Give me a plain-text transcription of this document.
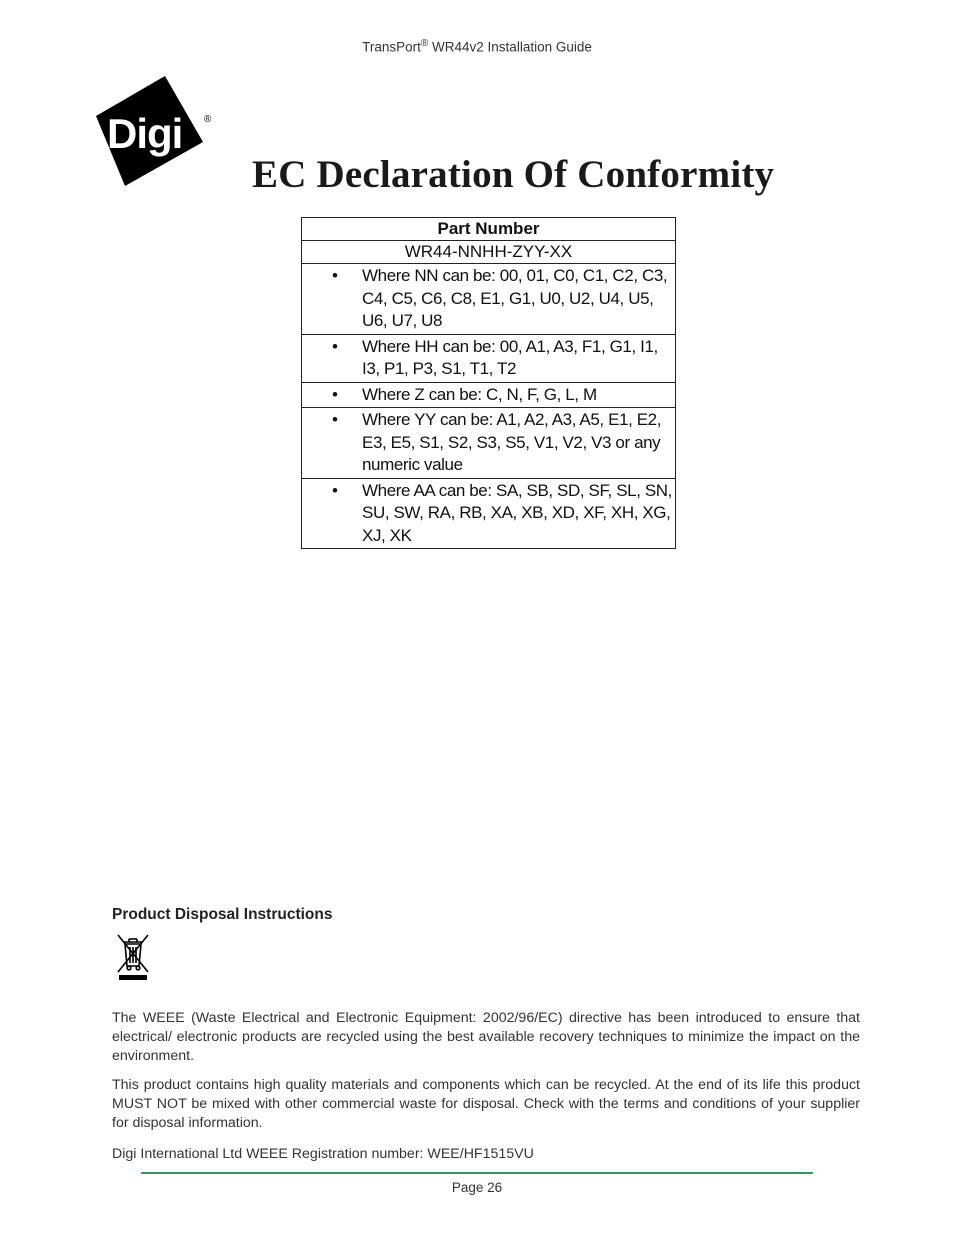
TransPort® WR44v2 Installation Guide
Digi ®
EC Declaration Of Conformity
Part Number
WR44-NNHH-ZYY-XX

•	Where NN can be: 00, 01, C0, C1, C2, C3, C4, C5, C6, C8, E1, G1, U0, U2, U4, U5, U6, U7, U8

•	Where HH can be: 00, A1, A3, F1, G1, I1, I3, P1, P3, S1, T1, T2

•	Where Z can be: C, N, F, G, L, M

•	Where YY can be: A1, A2, A3, A5, E1, E2, E3, E5, S1, S2, S3, S5, V1, V2, V3 or any numeric value

•	Where AA can be: SA, SB, SD, SF, SL, SN, SU, SW, RA, RB, XA, XB, XD, XF, XH, XG, XJ, XK
Product Disposal Instructions
The WEEE (Waste Electrical and Electronic Equipment: 2002/96/EC) directive has been introduced to ensure that electrical/ electronic products are recycled using the best available recovery techniques to minimize the impact on the environment.
This product contains high quality materials and components which can be recycled. At the end of its life this product MUST NOT be mixed with other commercial waste for disposal. Check with the terms and conditions of your supplier for disposal information.
Digi International Ltd WEEE Registration number: WEE/HF1515VU
Page 26
